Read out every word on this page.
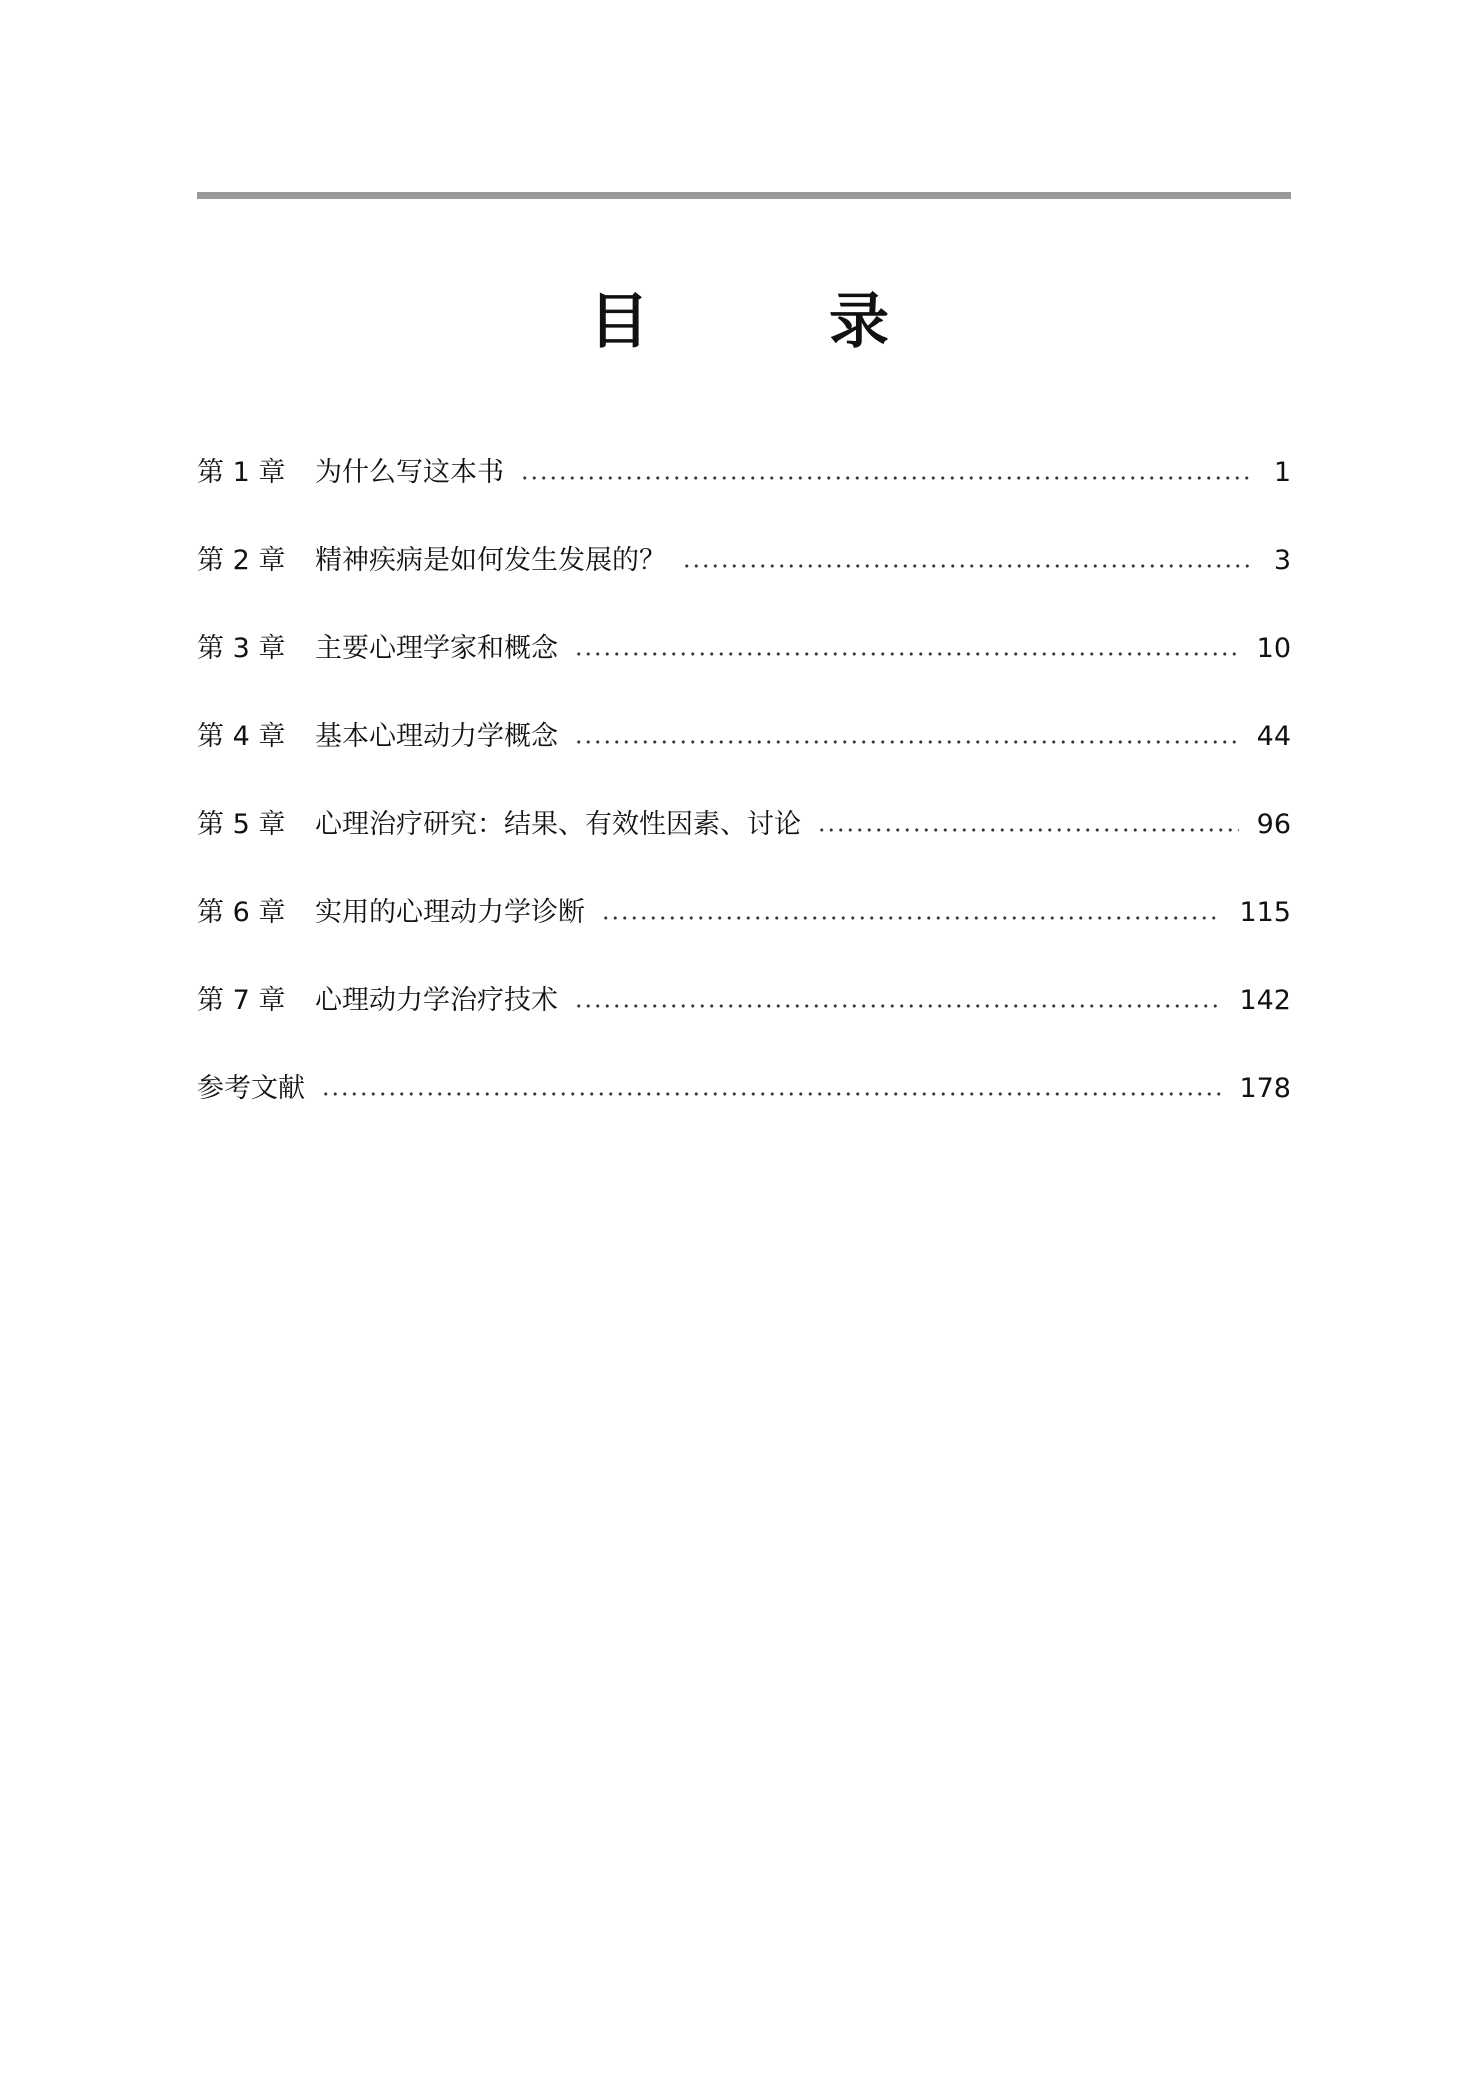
目　录
第 1 章	为什么写这本书	1
第 2 章	精神疾病是如何发生发展的？	3
第 3 章	主要心理学家和概念	10
第 4 章	基本心理动力学概念	44
第 5 章	心理治疗研究：结果、有效性因素、讨论	96
第 6 章	实用的心理动力学诊断	115
第 7 章	心理动力学治疗技术	142
参考文献	178
